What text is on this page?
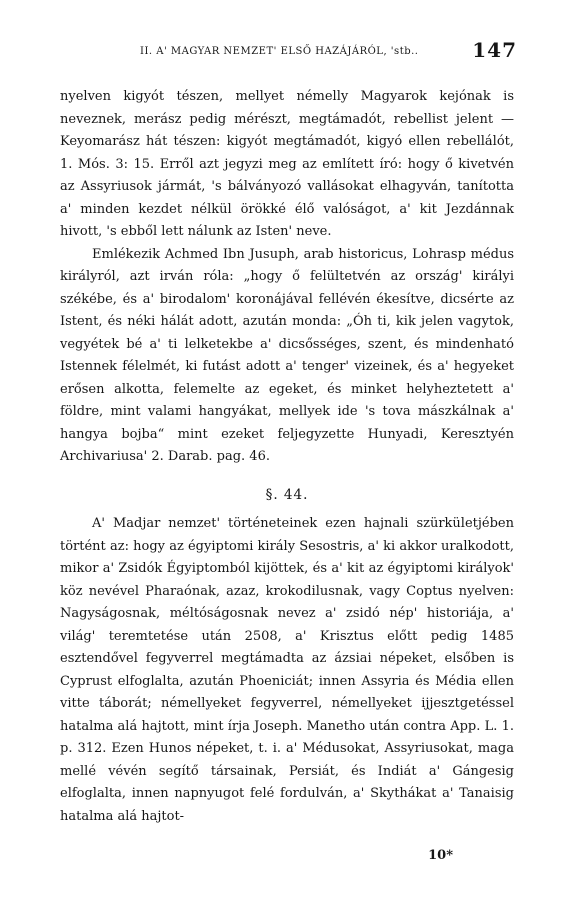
II. A' MAGYAR NEMZET' ELSŐ HAZÁJÁRÓL, 'stb..	147

nyelven kigyót tészen, mellyet némelly Magyarok kejónak is neveznek, merász pedig mérészt, megtámadót, rebellist jelent — Keyomarász hát tészen: kigyót megtámadót, kigyó ellen rebellálót, 1. Mós. 3: 15. Erről azt jegyzi meg az említett író: hogy ő kivetvén az Assyriusok jármát, 's bálványozó vallásokat elhagyván, tanította a' minden kezdet nélkül örökké élő valóságot, a' kit Jezdánnak hivott, 's ebből lett nálunk az Isten' neve.

Emlékezik Achmed Ibn Jusuph, arab historicus, Lohrasp médus királyról, azt irván róla: „hogy ő felültetvén az ország' királyi székébe, és a' birodalom' koronájával fellévén ékesítve, dicsérte az Istent, és néki hálát adott, azután monda: „Óh ti, kik jelen vagytok, vegyétek bé a' ti lelketekbe a' dicsősséges, szent, és mindenható Istennek félelmét, ki futást adott a' tenger' vizeinek, és a' hegyeket erősen alkotta, felemelte az egeket, és minket helyheztetett a' földre, mint valami hangyákat, mellyek ide 's tova mászkálnak a' hangya bojba“ mint ezeket feljegyzette Hunyadi, Keresztyén Archivariusa' 2. Darab. pag. 46.

§. 44.

A' Madjar nemzet' történeteinek ezen hajnali szürkületjében történt az: hogy az égyiptomi király Sesostris, a' ki akkor uralkodott, mikor a' Zsidók Égyiptomból kijöttek, és a' kit az égyiptomi királyok' köz nevével Pharaónak, azaz, krokodilusnak, vagy Coptus nyelven: Nagyságosnak, méltóságosnak nevez a' zsidó nép' historiája, a' világ' teremtetése után 2508, a' Krisztus előtt pedig 1485 esztendővel fegyverrel megtámadta az ázsiai népeket, elsőben is Cyprust elfoglalta, azután Phoeniciát; innen Assyria és Média ellen vitte táborát; némellyeket fegyverrel, némellyeket ijjesztgetéssel hatalma alá hajtott, mint írja Joseph. Manetho után contra App. L. 1. p. 312. Ezen Hunos népeket, t. i. a' Médusokat, Assyriusokat, maga mellé vévén segítő társainak, Persiát, és Indiát a' Gángesig elfoglalta, innen napnyugot felé fordulván, a' Skythákat a' Tanaisig hatalma alá hajtot-

10*
